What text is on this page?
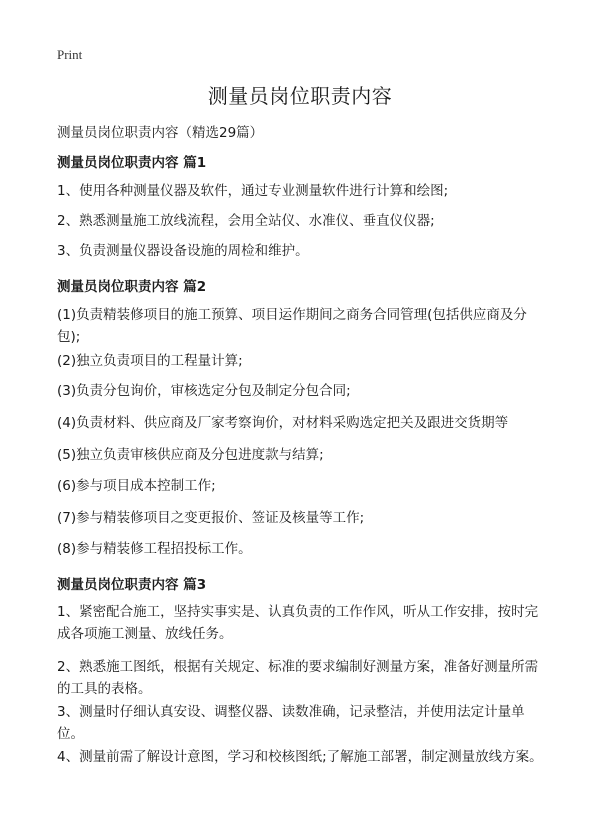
Print
测量员岗位职责内容
测量员岗位职责内容（精选29篇）
测量员岗位职责内容 篇1
1、使用各种测量仪器及软件，通过专业测量软件进行计算和绘图;
2、熟悉测量施工放线流程，会用全站仪、水准仪、垂直仪仪器;
3、负责测量仪器设备设施的周检和维护。
测量员岗位职责内容 篇2
(1)负责精装修项目的施工预算、项目运作期间之商务合同管理(包括供应商及分包);
(2)独立负责项目的工程量计算;
(3)负责分包询价，审核选定分包及制定分包合同;
(4)负责材料、供应商及厂家考察询价，对材料采购选定把关及跟进交货期等
(5)独立负责审核供应商及分包进度款与结算;
(6)参与项目成本控制工作;
(7)参与精装修项目之变更报价、签证及核量等工作;
(8)参与精装修工程招投标工作。
测量员岗位职责内容 篇3
1、紧密配合施工，坚持实事实是、认真负责的工作作风，听从工作安排，按时完成各项施工测量、放线任务。
2、熟悉施工图纸，根据有关规定、标准的要求编制好测量方案，准备好测量所需的工具的表格。
3、测量时仔细认真安设、调整仪器、读数准确，记录整洁，并使用法定计量单位。
4、测量前需了解设计意图，学习和校核图纸;了解施工部署，制定测量放线方案。
